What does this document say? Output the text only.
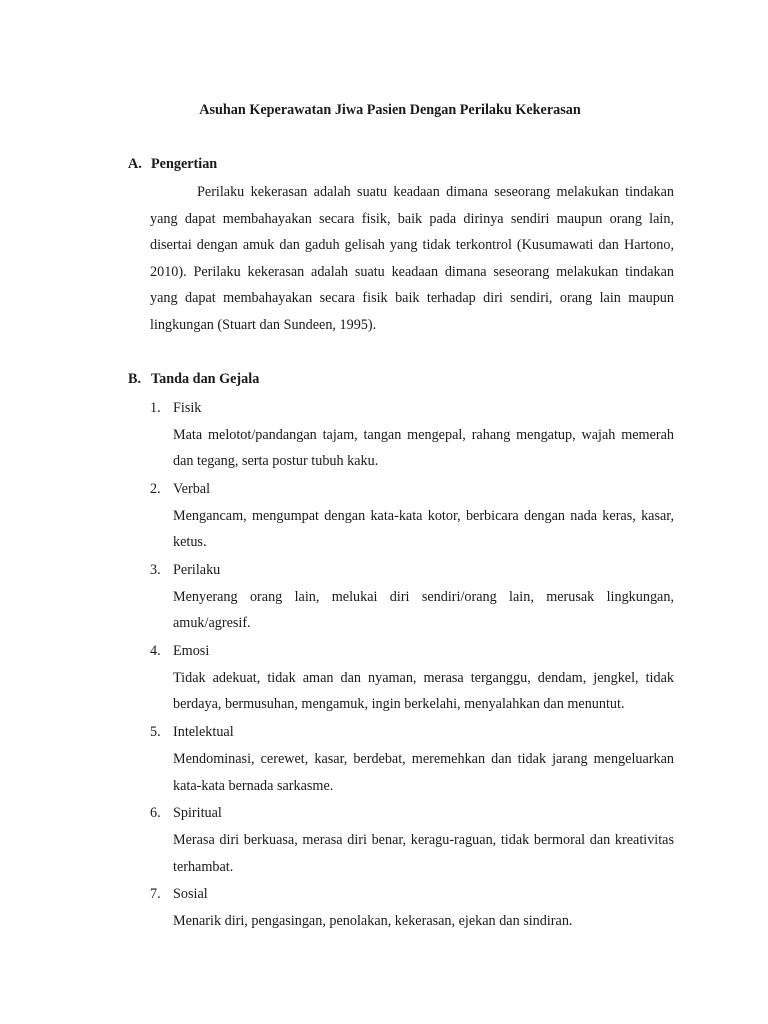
Asuhan Keperawatan Jiwa Pasien Dengan Perilaku Kekerasan
A. Pengertian

Perilaku kekerasan adalah suatu keadaan dimana seseorang melakukan tindakan yang dapat membahayakan secara fisik, baik pada dirinya sendiri maupun orang lain, disertai dengan amuk dan gaduh gelisah yang tidak terkontrol (Kusumawati dan Hartono, 2010). Perilaku kekerasan adalah suatu keadaan dimana seseorang melakukan tindakan yang dapat membahayakan secara fisik baik terhadap diri sendiri, orang lain maupun lingkungan (Stuart dan Sundeen, 1995).

B. Tanda dan Gejala
1. Fisik

Mata melotot/pandangan tajam, tangan mengepal, rahang mengatup, wajah memerah dan tegang, serta postur tubuh kaku.

2. Verbal

Mengancam, mengumpat dengan kata-kata kotor, berbicara dengan nada keras, kasar, ketus.

3. Perilaku

Menyerang orang lain, melukai diri sendiri/orang lain, merusak lingkungan, amuk/agresif.

4. Emosi

Tidak adekuat, tidak aman dan nyaman, merasa terganggu, dendam, jengkel, tidak berdaya, bermusuhan, mengamuk, ingin berkelahi, menyalahkan dan menuntut.

5. Intelektual

Mendominasi, cerewet, kasar, berdebat, meremehkan dan tidak jarang mengeluarkan kata-kata bernada sarkasme.

6. Spiritual

Merasa diri berkuasa, merasa diri benar, keragu-raguan, tidak bermoral dan kreativitas terhambat.

7. Sosial

Menarik diri, pengasingan, penolakan, kekerasan, ejekan dan sindiran.
